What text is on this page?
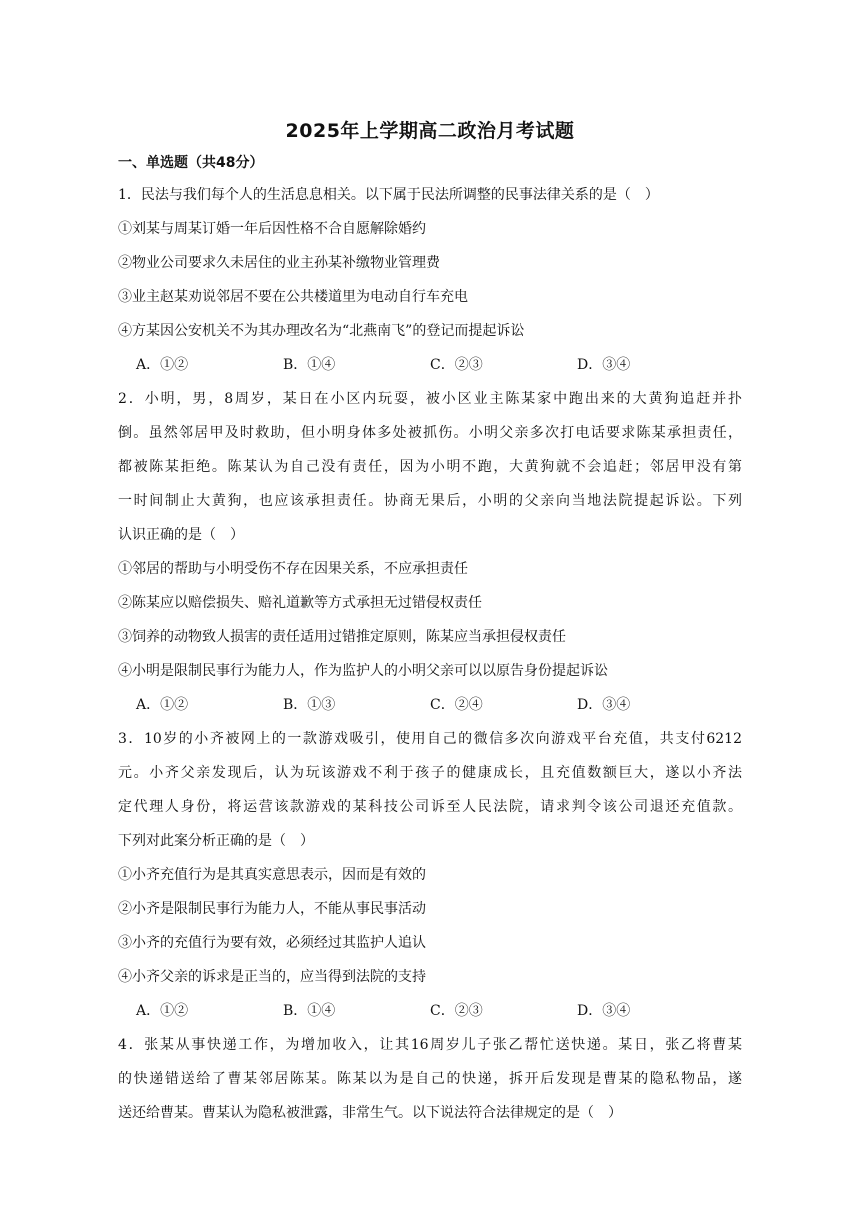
2025年上学期高二政治月考试题
一、单选题（共48分）
1．民法与我们每个人的生活息息相关。以下属于民法所调整的民事法律关系的是（　）
①刘某与周某订婚一年后因性格不合自愿解除婚约
②物业公司要求久未居住的业主孙某补缴物业管理费
③业主赵某劝说邻居不要在公共楼道里为电动自行车充电
④方某因公安机关不为其办理改名为“北燕南飞”的登记而提起诉讼
A．①②	B．①④	C．②③	D．③④
2．小明，男，8周岁，某日在小区内玩耍，被小区业主陈某家中跑出来的大黄狗追赶并扑
倒。虽然邻居甲及时救助，但小明身体多处被抓伤。小明父亲多次打电话要求陈某承担责任，
都被陈某拒绝。陈某认为自己没有责任，因为小明不跑，大黄狗就不会追赶；邻居甲没有第
一时间制止大黄狗，也应该承担责任。协商无果后，小明的父亲向当地法院提起诉讼。下列
认识正确的是（　）
①邻居的帮助与小明受伤不存在因果关系，不应承担责任
②陈某应以赔偿损失、赔礼道歉等方式承担无过错侵权责任
③饲养的动物致人损害的责任适用过错推定原则，陈某应当承担侵权责任
④小明是限制民事行为能力人，作为监护人的小明父亲可以以原告身份提起诉讼
A．①②	B．①③	C．②④	D．③④
3．10岁的小齐被网上的一款游戏吸引，使用自己的微信多次向游戏平台充值，共支付6212
元。小齐父亲发现后，认为玩该游戏不利于孩子的健康成长，且充值数额巨大，遂以小齐法
定代理人身份，将运营该款游戏的某科技公司诉至人民法院，请求判令该公司退还充值款。
下列对此案分析正确的是（　）
①小齐充值行为是其真实意思表示，因而是有效的
②小齐是限制民事行为能力人，不能从事民事活动
③小齐的充值行为要有效，必须经过其监护人追认
④小齐父亲的诉求是正当的，应当得到法院的支持
A．①②	B．①④	C．②③	D．③④
4．张某从事快递工作，为增加收入，让其16周岁儿子张乙帮忙送快递。某日，张乙将曹某
的快递错送给了曹某邻居陈某。陈某以为是自己的快递，拆开后发现是曹某的隐私物品，遂
送还给曹某。曹某认为隐私被泄露，非常生气。以下说法符合法律规定的是（　）
